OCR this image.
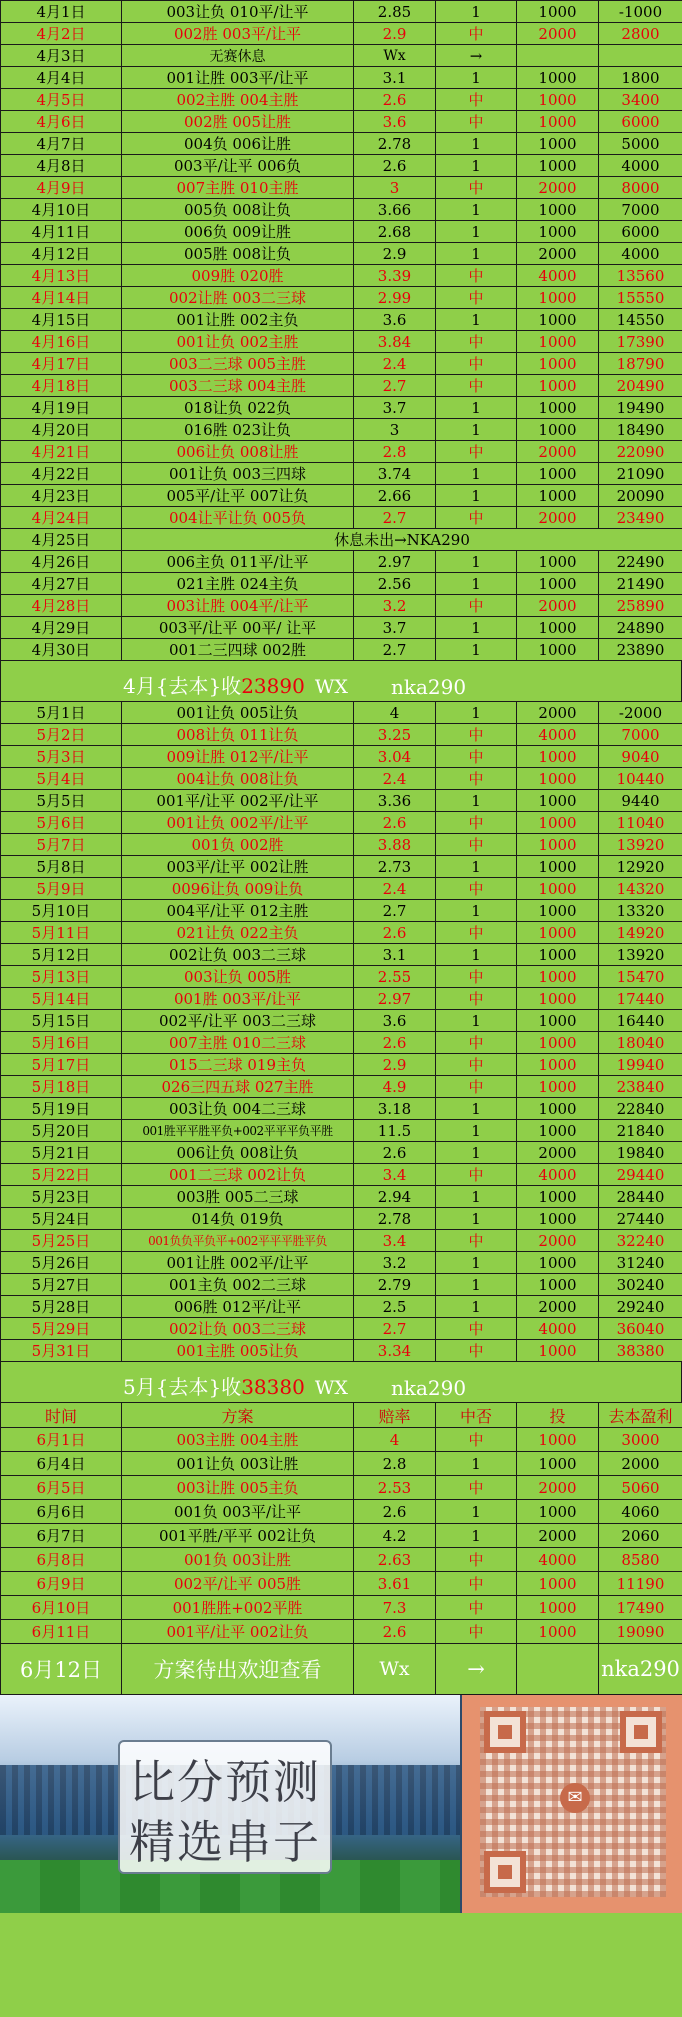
4月1日	003让负 010平/让平	2.85	1	1000	-1000
4月2日	002胜 003平/让平	2.9	中	2000	2800
4月3日	无赛休息	Wx	→		
4月4日	001让胜 003平/让平	3.1	1	1000	1800
4月5日	002主胜 004主胜	2.6	中	1000	3400
4月6日	002胜 005让胜	3.6	中	1000	6000
4月7日	004负 006让胜	2.78	1	1000	5000
4月8日	003平/让平 006负	2.6	1	1000	4000
4月9日	007主胜 010主胜	3	中	2000	8000
4月10日	005负 008让负	3.66	1	1000	7000
4月11日	006负 009让胜	2.68	1	1000	6000
4月12日	005胜 008让负	2.9	1	2000	4000
4月13日	009胜 020胜	3.39	中	4000	13560
4月14日	002让胜 003二三球	2.99	中	1000	15550
4月15日	001让胜 002主负	3.6	1	1000	14550
4月16日	001让负 002主胜	3.84	中	1000	17390
4月17日	003二三球 005主胜	2.4	中	1000	18790
4月18日	003二三球 004主胜	2.7	中	1000	20490
4月19日	018让负 022负	3.7	1	1000	19490
4月20日	016胜 023让负	3	1	1000	18490
4月21日	006让负 008让胜	2.8	中	2000	22090
4月22日	001让负 003三四球	3.74	1	1000	21090
4月23日	005平/让平 007让负	2.66	1	1000	20090
4月24日	004让平让负 005负	2.7	中	2000	23490
4月25日	休息未出→NKA290				
4月26日	006主负 011平/让平	2.97	1	1000	22490
4月27日	021主胜 024主负	2.56	1	1000	21490
4月28日	003让胜 004平/让平	3.2	中	2000	25890
4月29日	003平/让平 00平/ 让平	3.7	1	1000	24890
4月30日	001二三四球 002胜	2.7	1	1000	23890
4月{去本}收23890 WX	nka290
5月1日	001让负 005让负	4	1	2000	-2000
5月2日	008让负 011让负	3.25	中	4000	7000
5月3日	009让胜 012平/让平	3.04	中	1000	9040
5月4日	004让负 008让负	2.4	中	1000	10440
5月5日	001平/让平 002平/让平	3.36	1	1000	9440
5月6日	001让负 002平/让平	2.6	中	1000	11040
5月7日	001负 002胜	3.88	中	1000	13920
5月8日	003平/让平 002让胜	2.73	1	1000	12920
5月9日	0096让负 009让负	2.4	中	1000	14320
5月10日	004平/让平 012主胜	2.7	1	1000	13320
5月11日	021让负 022主负	2.6	中	1000	14920
5月12日	002让负 003二三球	3.1	1	1000	13920
5月13日	003让负 005胜	2.55	中	1000	15470
5月14日	001胜 003平/让平	2.97	中	1000	17440
5月15日	002平/让平 003二三球	3.6	1	1000	16440
5月16日	007主胜 010二三球	2.6	中	1000	18040
5月17日	015二三球 019主负	2.9	中	1000	19940
5月18日	026三四五球 027主胜	4.9	中	1000	23840
5月19日	003让负 004二三球	3.18	1	1000	22840
5月20日	001胜平平胜平负+002平平平负平胜	11.5	1	1000	21840
5月21日	006让负 008让负	2.6	1	2000	19840
5月22日	001二三球 002让负	3.4	中	4000	29440
5月23日	003胜 005二三球	2.94	1	1000	28440
5月24日	014负 019负	2.78	1	1000	27440
5月25日	001负负平负平+002平平平胜平负	3.4	中	2000	32240
5月26日	001让胜 002平/让平	3.2	1	1000	31240
5月27日	001主负 002二三球	2.79	1	1000	30240
5月28日	006胜 012平/让平	2.5	1	2000	29240
5月29日	002让负 003二三球	2.7	中	4000	36040
5月31日	001主胜 005让负	3.34	中	1000	38380
5月{去本}收38380 WX	nka290
时间	方案	赔率	中否	投	去本盈利
6月1日	003主胜 004主胜	4	中	1000	3000
6月4日	001让负 003让胜	2.8	1	1000	2000
6月5日	003让胜 005主负	2.53	中	2000	5060
6月6日	001负 003平/让平	2.6	1	1000	4060
6月7日	001平胜/平平 002让负	4.2	1	2000	2060
6月8日	001负 003让胜	2.63	中	4000	8580
6月9日	002平/让平 005胜	3.61	中	1000	11190
6月10日	001胜胜+002平胜	7.3	中	1000	17490
6月11日	001平/让平 002让负	2.6	中	1000	19090
6月12日	方案待出欢迎查看	Wx	→		nka290
比分预测
精选串子
✉
